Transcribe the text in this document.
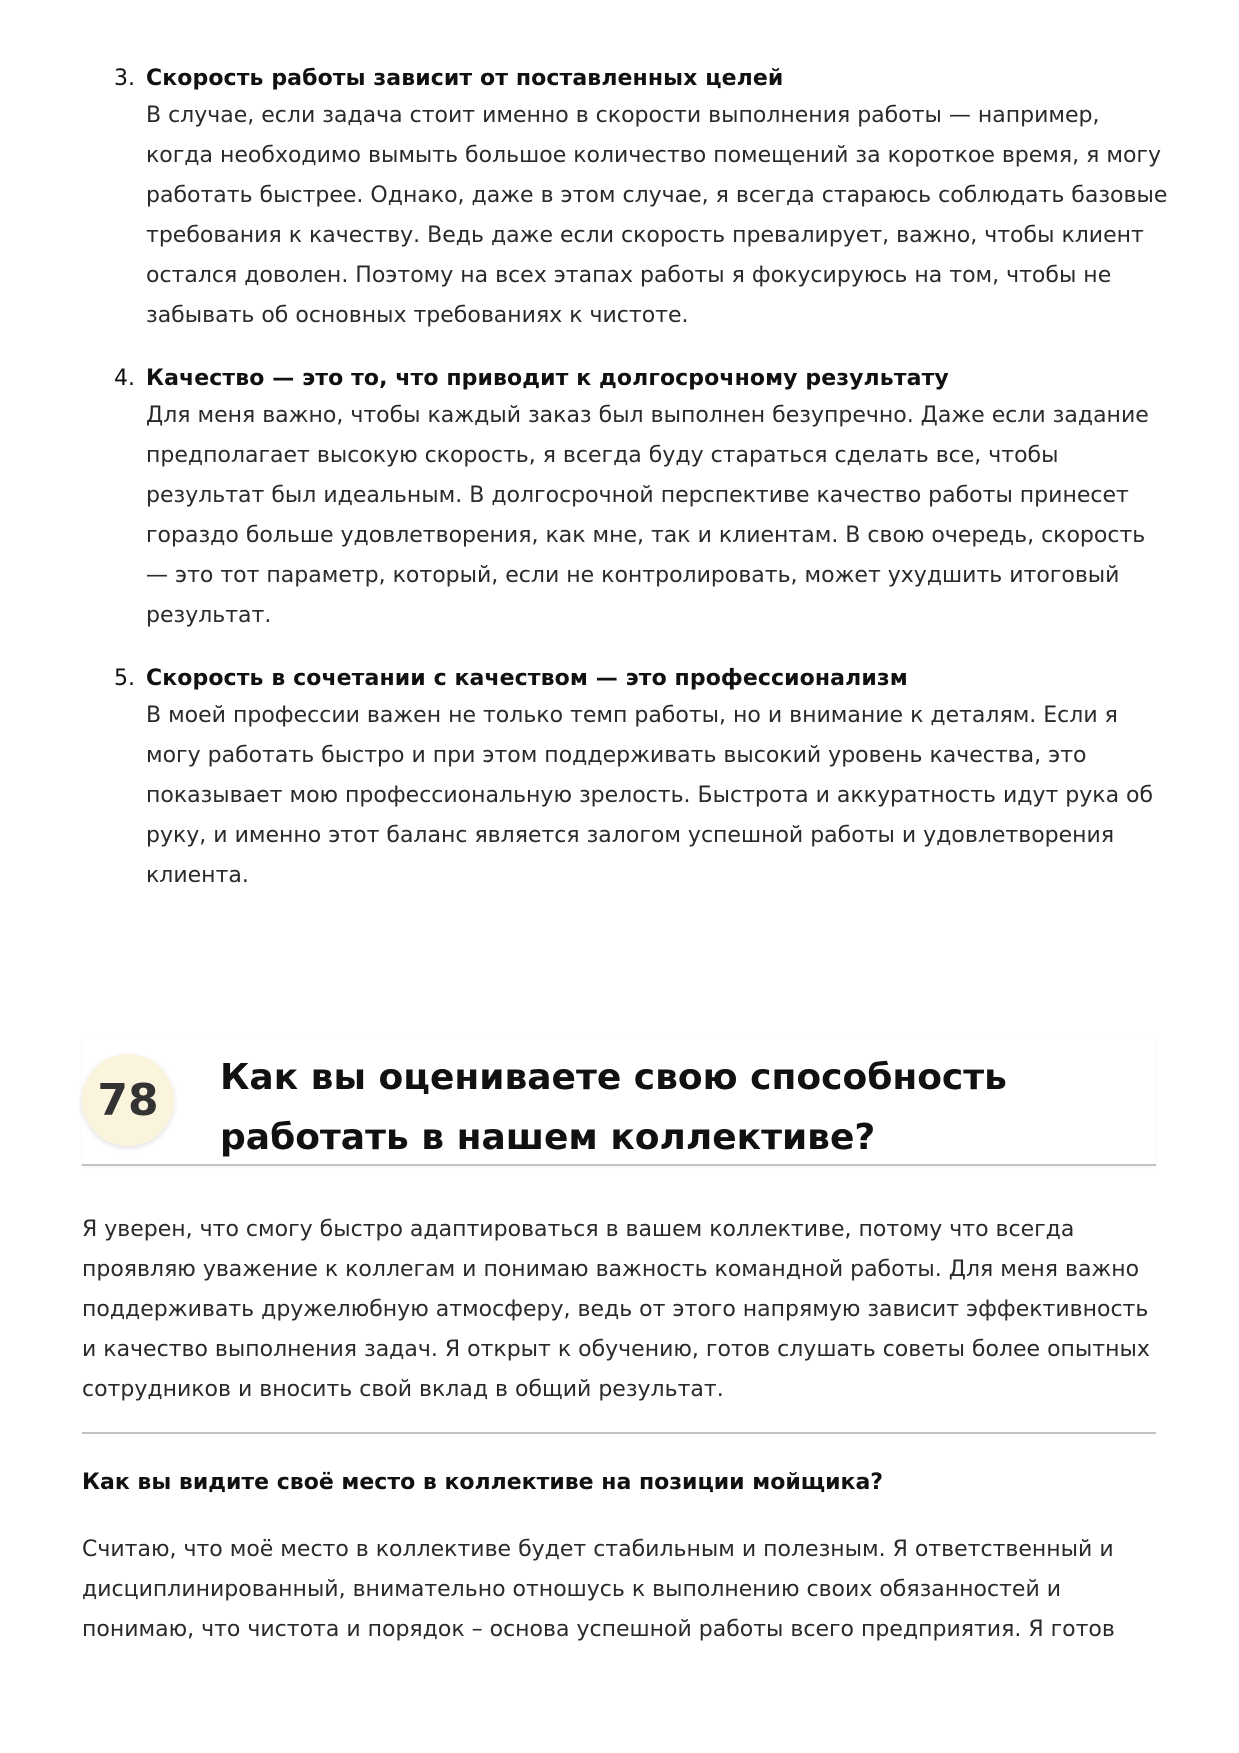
3. Скорость работы зависит от поставленных целей

В случае, если задача стоит именно в скорости выполнения работы — например, когда необходимо вымыть большое количество помещений за короткое время, я могу работать быстрее. Однако, даже в этом случае, я всегда стараюсь соблюдать базовые требования к качеству. Ведь даже если скорость превалирует, важно, чтобы клиент остался доволен. Поэтому на всех этапах работы я фокусируюсь на том, чтобы не забывать об основных требованиях к чистоте.

4. Качество — это то, что приводит к долгосрочному результату

Для меня важно, чтобы каждый заказ был выполнен безупречно. Даже если задание предполагает высокую скорость, я всегда буду стараться сделать все, чтобы результат был идеальным. В долгосрочной перспективе качество работы принесет гораздо больше удовлетворения, как мне, так и клиентам. В свою очередь, скорость — это тот параметр, который, если не контролировать, может ухудшить итоговый результат.

5. Скорость в сочетании с качеством — это профессионализм

В моей профессии важен не только темп работы, но и внимание к деталям. Если я могу работать быстро и при этом поддерживать высокий уровень качества, это показывает мою профессиональную зрелость. Быстрота и аккуратность идут рука об руку, и именно этот баланс является залогом успешной работы и удовлетворения клиента.

78	Как вы оцениваете свою способность работать в нашем коллективе?

Я уверен, что смогу быстро адаптироваться в вашем коллективе, потому что всегда проявляю уважение к коллегам и понимаю важность командной работы. Для меня важно поддерживать дружелюбную атмосферу, ведь от этого напрямую зависит эффективность и качество выполнения задач. Я открыт к обучению, готов слушать советы более опытных сотрудников и вносить свой вклад в общий результат.

Как вы видите своё место в коллективе на позиции мойщика?

Считаю, что моё место в коллективе будет стабильным и полезным. Я ответственный и дисциплинированный, внимательно отношусь к выполнению своих обязанностей и понимаю, что чистота и порядок – основа успешной работы всего предприятия. Я готов
